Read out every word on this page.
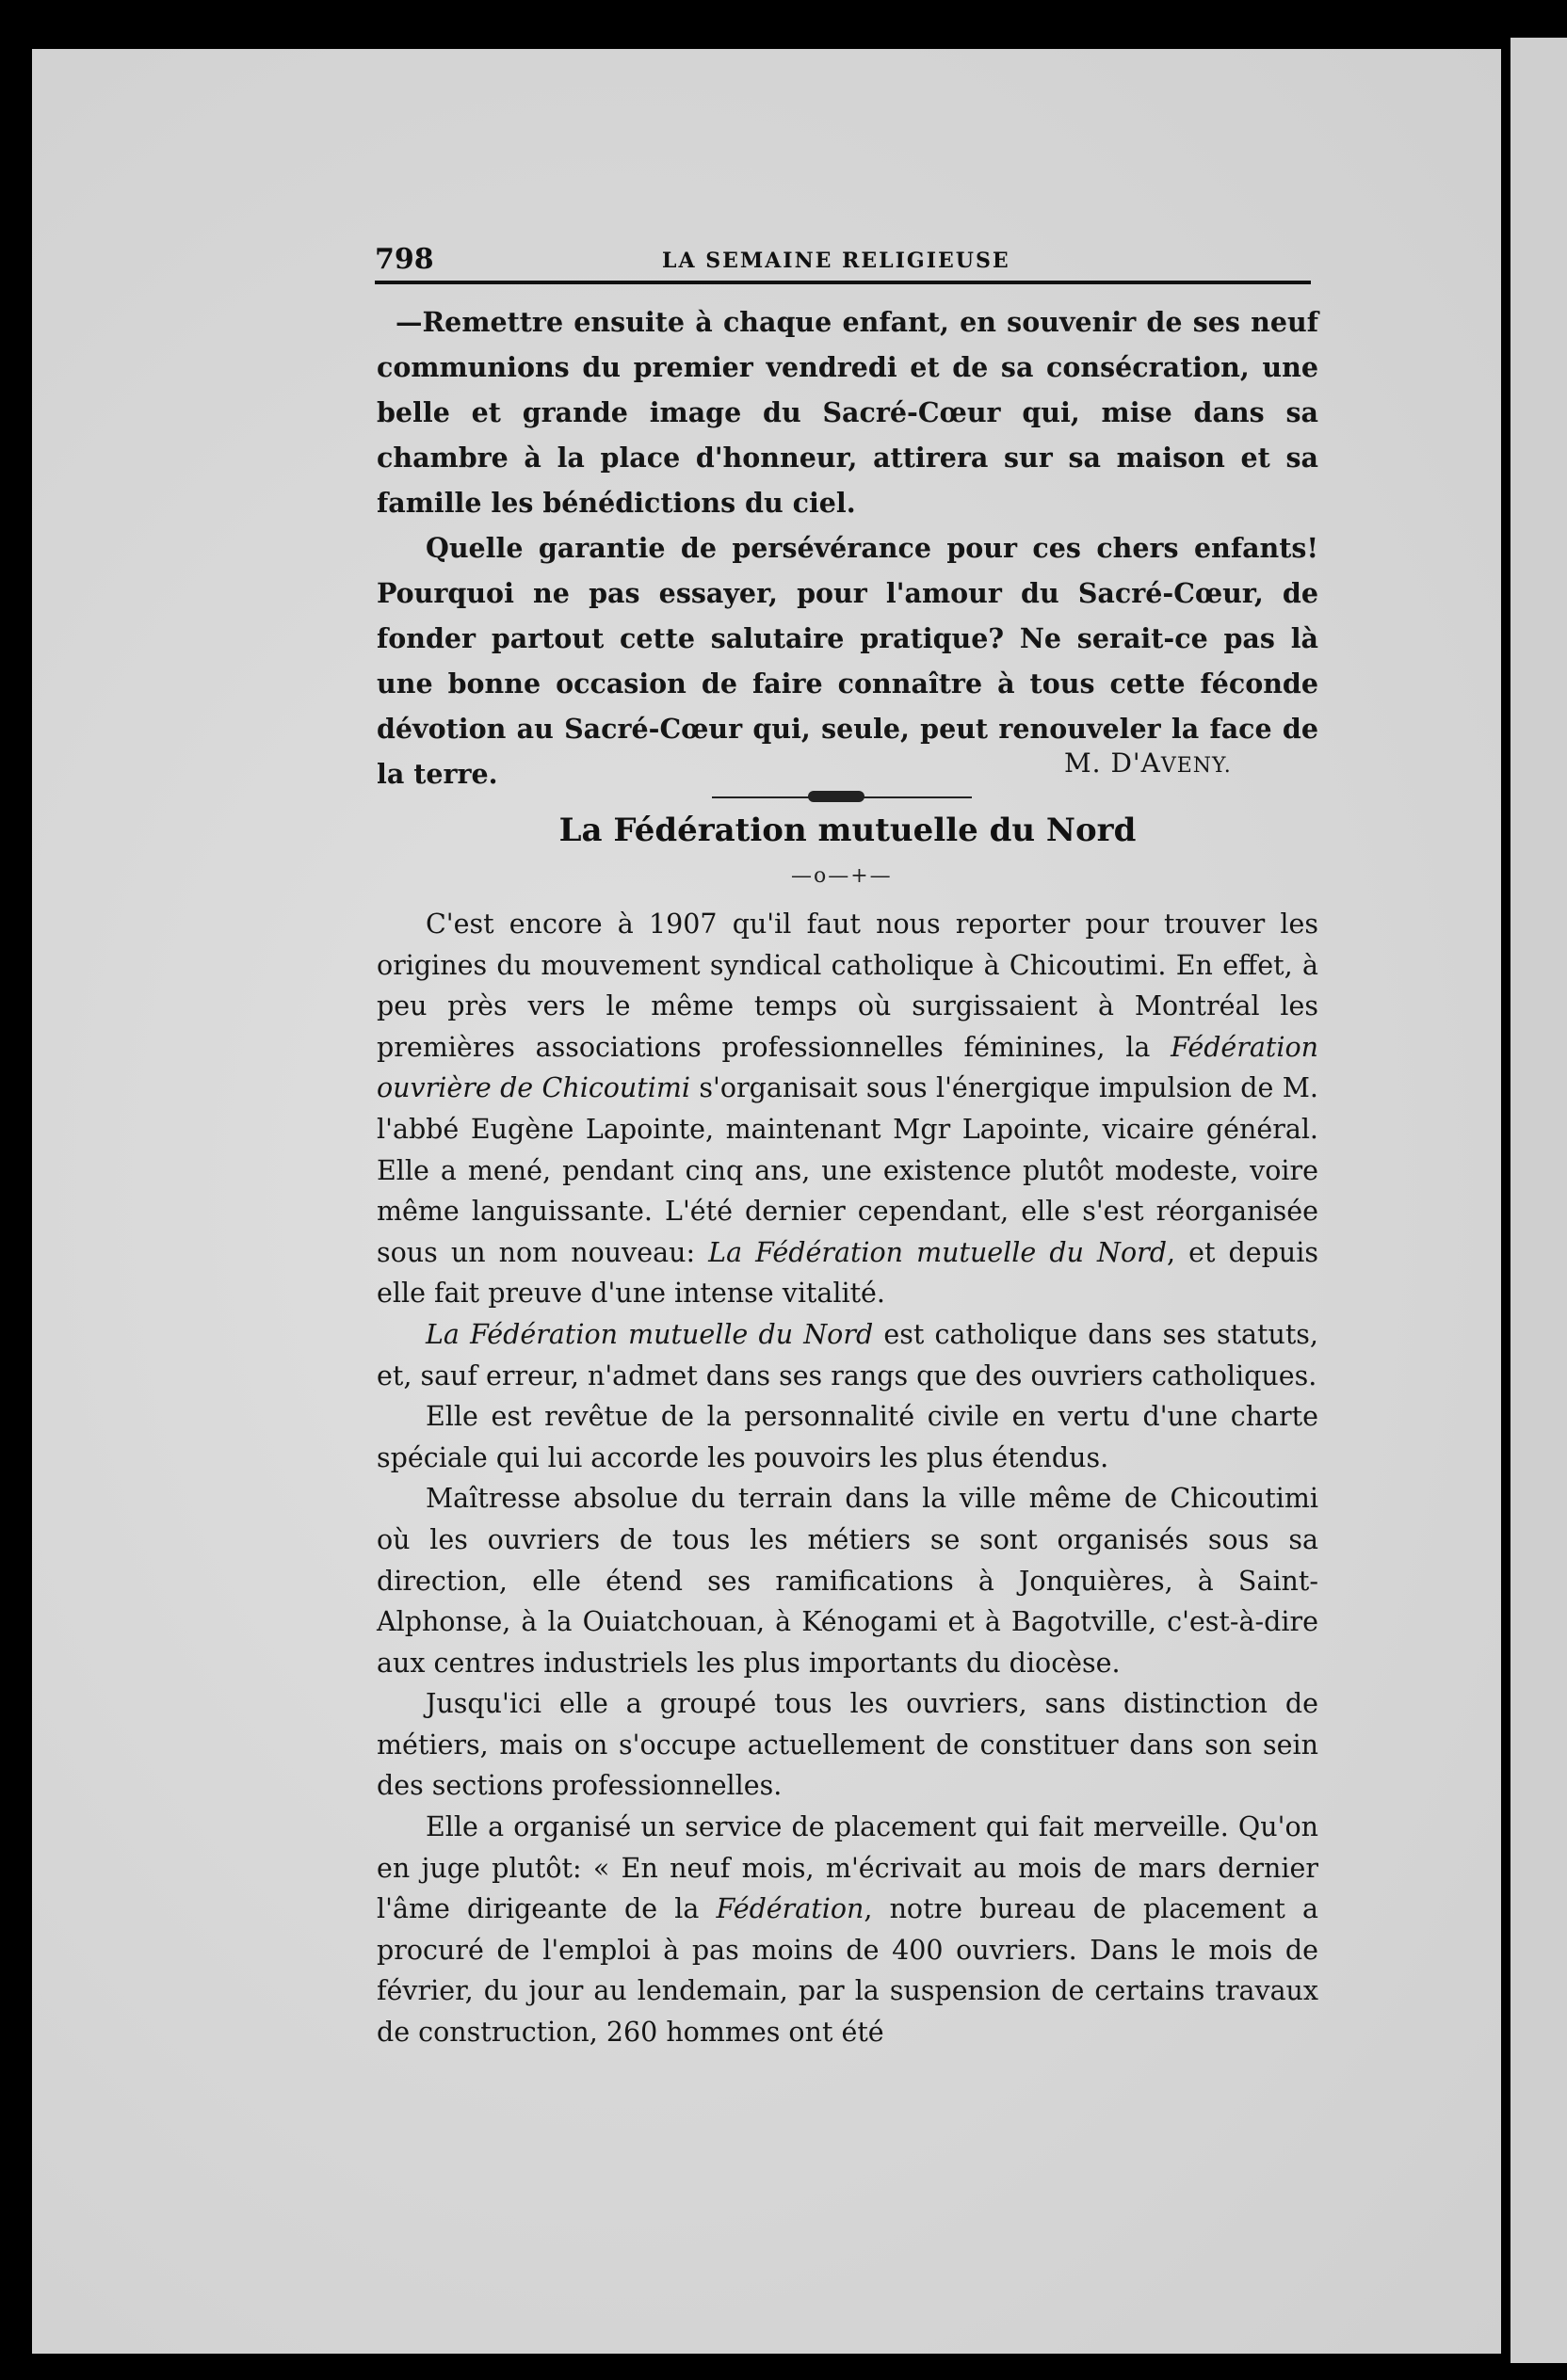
798	LA SEMAINE RELIGIEUSE

—Remettre ensuite à chaque enfant, en souvenir de ses neuf communions du premier vendredi et de sa consécration, une belle et grande image du Sacré-Cœur qui, mise dans sa chambre à la place d'honneur, attirera sur sa maison et sa famille les bénédictions du ciel.

Quelle garantie de persévérance pour ces chers enfants! Pourquoi ne pas essayer, pour l'amour du Sacré-Cœur, de fonder partout cette salutaire pratique? Ne serait-ce pas là une bonne occasion de faire connaître à tous cette féconde dévotion au Sacré-Cœur qui, seule, peut renouveler la face de la terre.	M. D'AVENY.
La Fédération mutuelle du Nord
—o—+—

C'est encore à 1907 qu'il faut nous reporter pour trouver les origines du mouvement syndical catholique à Chicoutimi. En effet, à peu près vers le même temps où surgissaient à Montréal les premières associations professionnelles féminines, la Fédération ouvrière de Chicoutimi s'organisait sous l'énergique impulsion de M. l'abbé Eugène Lapointe, maintenant Mgr Lapointe, vicaire général. Elle a mené, pendant cinq ans, une existence plutôt modeste, voire même languissante. L'été dernier cependant, elle s'est réorganisée sous un nom nouveau: La Fédération mutuelle du Nord, et depuis elle fait preuve d'une intense vitalité.

La Fédération mutuelle du Nord est catholique dans ses statuts, et, sauf erreur, n'admet dans ses rangs que des ouvriers catholiques.

Elle est revêtue de la personnalité civile en vertu d'une charte spéciale qui lui accorde les pouvoirs les plus étendus.

Maîtresse absolue du terrain dans la ville même de Chicoutimi où les ouvriers de tous les métiers se sont organisés sous sa direction, elle étend ses ramifications à Jonquières, à Saint-Alphonse, à la Ouiatchouan, à Kénogami et à Bagotville, c'est-à-dire aux centres industriels les plus importants du diocèse.

Jusqu'ici elle a groupé tous les ouvriers, sans distinction de métiers, mais on s'occupe actuellement de constituer dans son sein des sections professionnelles.

Elle a organisé un service de placement qui fait merveille. Qu'on en juge plutôt: « En neuf mois, m'écrivait au mois de mars dernier l'âme dirigeante de la Fédération, notre bureau de placement a procuré de l'emploi à pas moins de 400 ouvriers. Dans le mois de février, du jour au lendemain, par la suspension de certains travaux de construction, 260 hommes ont été
